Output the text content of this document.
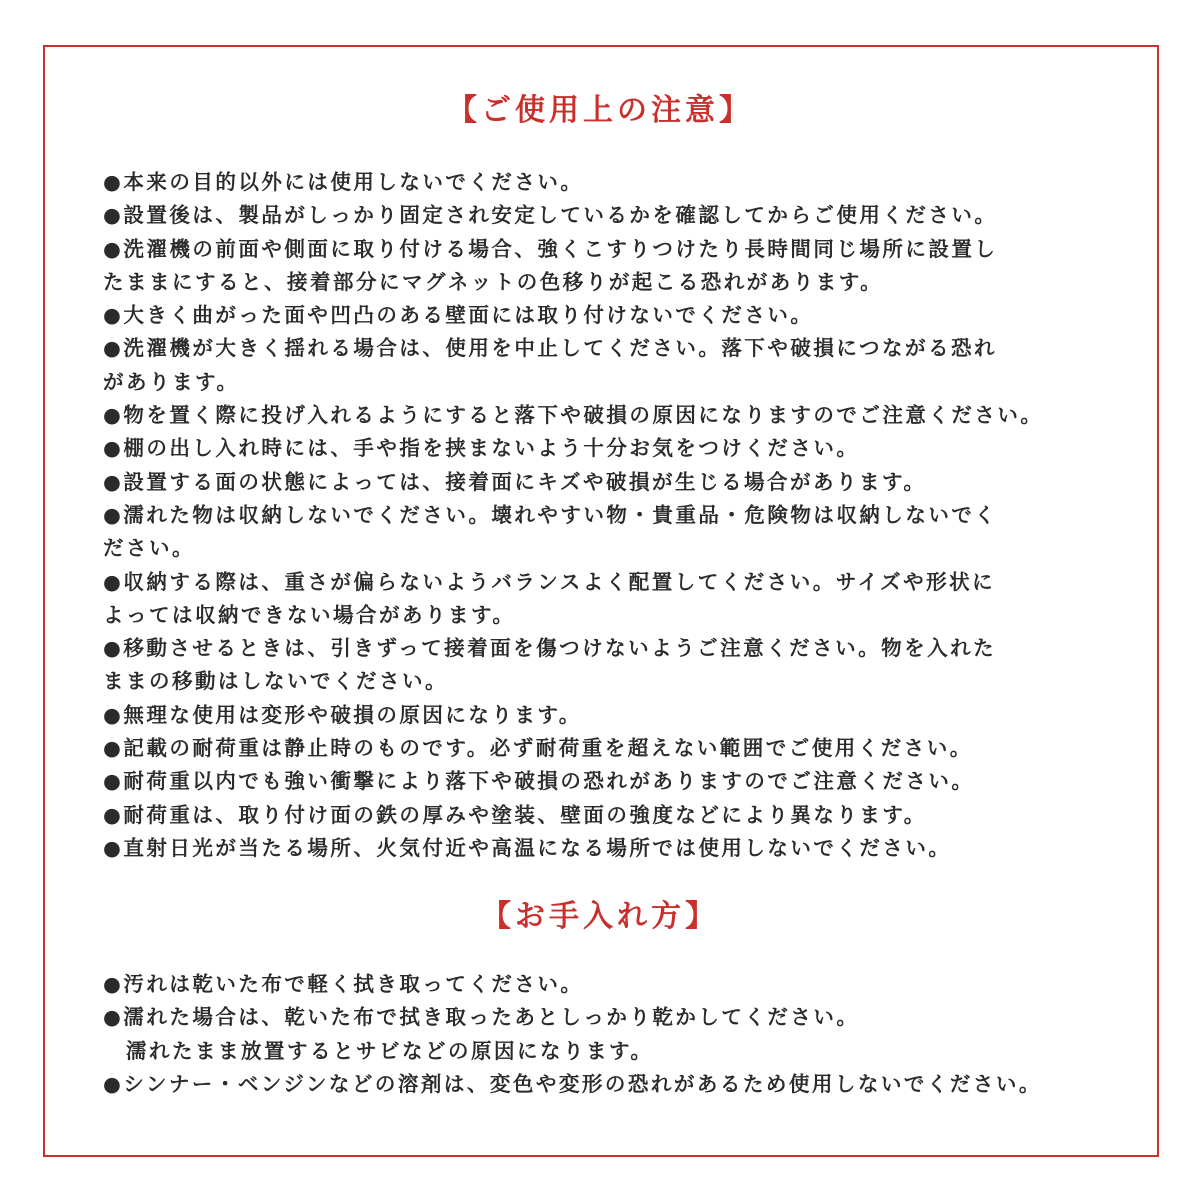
【ご使用上の注意】
●本来の目的以外には使用しないでください。
●設置後は、製品がしっかり固定され安定しているかを確認してからご使用ください。
●洗濯機の前面や側面に取り付ける場合、強くこすりつけたり長時間同じ場所に設置し
たままにすると、接着部分にマグネットの色移りが起こる恐れがあります。
●大きく曲がった面や凹凸のある壁面には取り付けないでください。
●洗濯機が大きく揺れる場合は、使用を中止してください。落下や破損につながる恐れ
があります。
●物を置く際に投げ入れるようにすると落下や破損の原因になりますのでご注意ください。
●棚の出し入れ時には、手や指を挟まないよう十分お気をつけください。
●設置する面の状態によっては、接着面にキズや破損が生じる場合があります。
●濡れた物は収納しないでください。壊れやすい物・貴重品・危険物は収納しないでく
ださい。
●収納する際は、重さが偏らないようバランスよく配置してください。サイズや形状に
よっては収納できない場合があります。
●移動させるときは、引きずって接着面を傷つけないようご注意ください。物を入れた
ままの移動はしないでください。
●無理な使用は変形や破損の原因になります。
●記載の耐荷重は静止時のものです。必ず耐荷重を超えない範囲でご使用ください。
●耐荷重以内でも強い衝撃により落下や破損の恐れがありますのでご注意ください。
●耐荷重は、取り付け面の鉄の厚みや塗装、壁面の強度などにより異なります。
●直射日光が当たる場所、火気付近や高温になる場所では使用しないでください。
【お手入れ方】
●汚れは乾いた布で軽く拭き取ってください。
●濡れた場合は、乾いた布で拭き取ったあとしっかり乾かしてください。
　濡れたまま放置するとサビなどの原因になります。
●シンナー・ベンジンなどの溶剤は、変色や変形の恐れがあるため使用しないでください。
